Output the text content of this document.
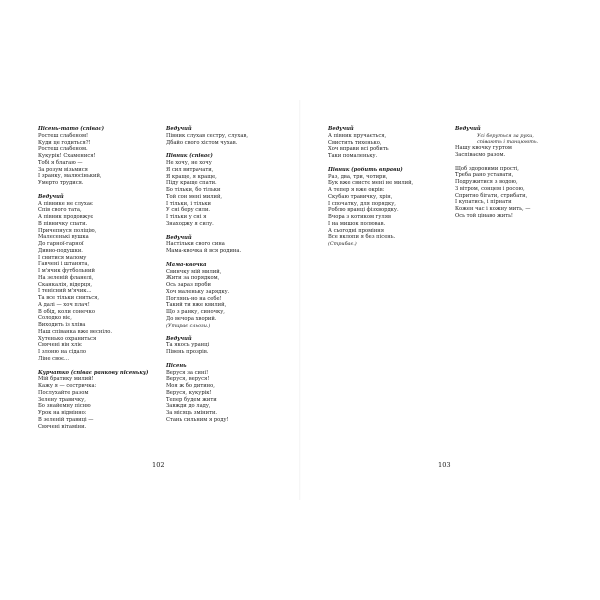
Пісень-тато (співає)
Ростеш слабеном!
Куди це годиться?!
Ростеш слабеном.
Кукурік! Схаменися!
Тобі я благаю —
За розум візьмися
І зранку, малюсінький,
Умерто трудися.
Ведучий
А півнике не слухає
Спів свого тата,
А півник продовжує
В півничку спати.
Причепнуся поліцію,
Малесенькі вушка
До гарної-гарної
Дивно-подушки.
І снитися малому
Гавчені і штанята,
І м'ячик футбольний
На зеленій фланелі,
Сканкалія, відерця,
І тенісний м'ячик...
Та все тільки сниться,
А далі — хоч плач!
В обід, коли сонечко
Солодко віє,
Виходить із хліва
Наш співанка вже весніло.
Хутенько охраниться
Свячені він хліє
І злоню на сідало
Ліне своє...
Курчатко (співає ранкову пісеньку)
Мій братику милий!
Кажу я — сестричка:
Послухайте разом
Зелену травичку,
Бо знайемну пісню
Урок на відмінно:
В зеленій травиці —
Свячені вітаміни.
Ведучий
Півник слухав сестру, слухав,
Дбайо свого хістом чухав.
Півник (співає)
Не хочу, не хочу
Я сил витрачати,
Я краще, я краще,
Піду краще спати.
Бо тільки, бо тільки
Той сон мені милий,
І тільки, і тільки
У сні беру сили.
І тільки у сні я
Знаходжу я силу.
Ведучий
Настільки свого сина
Мама-квочка й вся родина.
Мама-квочка
Свинчку мій милий,
Жити за порядком,
Ось зараз проби
Хоч маленьку зарядку.
Поглянь-но на себе!
Такий ти вже квилий,
Що з ранку, синочку,
До вечора хворий.
(Утирає сльози.)
Ведучий
Та якось уранці
Півень прозрів.
Пісень
Веруся за сині!
Веруся, веруся!
Моя ж бо дитино,
Веруся, кукурік!
Тепер будем жити
Завжди до ладу,
За місяць змінити.
Стань сильним я роду!
102
Ведучий
А півник пручається,
Свистить тихенько,
Хоч вправи всі робить
Таки помаленьку.
Півник (робить вправи)
Раз, два, три, чотири,
Бук вже свистє мені не милий,
А тепер я вже окрів:
Скубаю травичку, хрін,
І спочатку, для порядку,
Роблю вранці фізхвордку.
Вчора з котиком гуляв
І на мишок полював.
А сьогодні проміння
Все вклопи я без пісень.
(Стрибає.)
Ведучий
Усі беруться за руки,
співають і танцюють.
Нашу квочку гуртом
Заспіваємо разом.
Щоб здоровими прості,
Треба рано уставати,
Подружитися з водою,
З вітром, сонцем і росою,
Спритно бігати, стрибати,
І купатись, і пірнати
Кожен час і кожну мить, —
Ось той цінаво жить!
103
